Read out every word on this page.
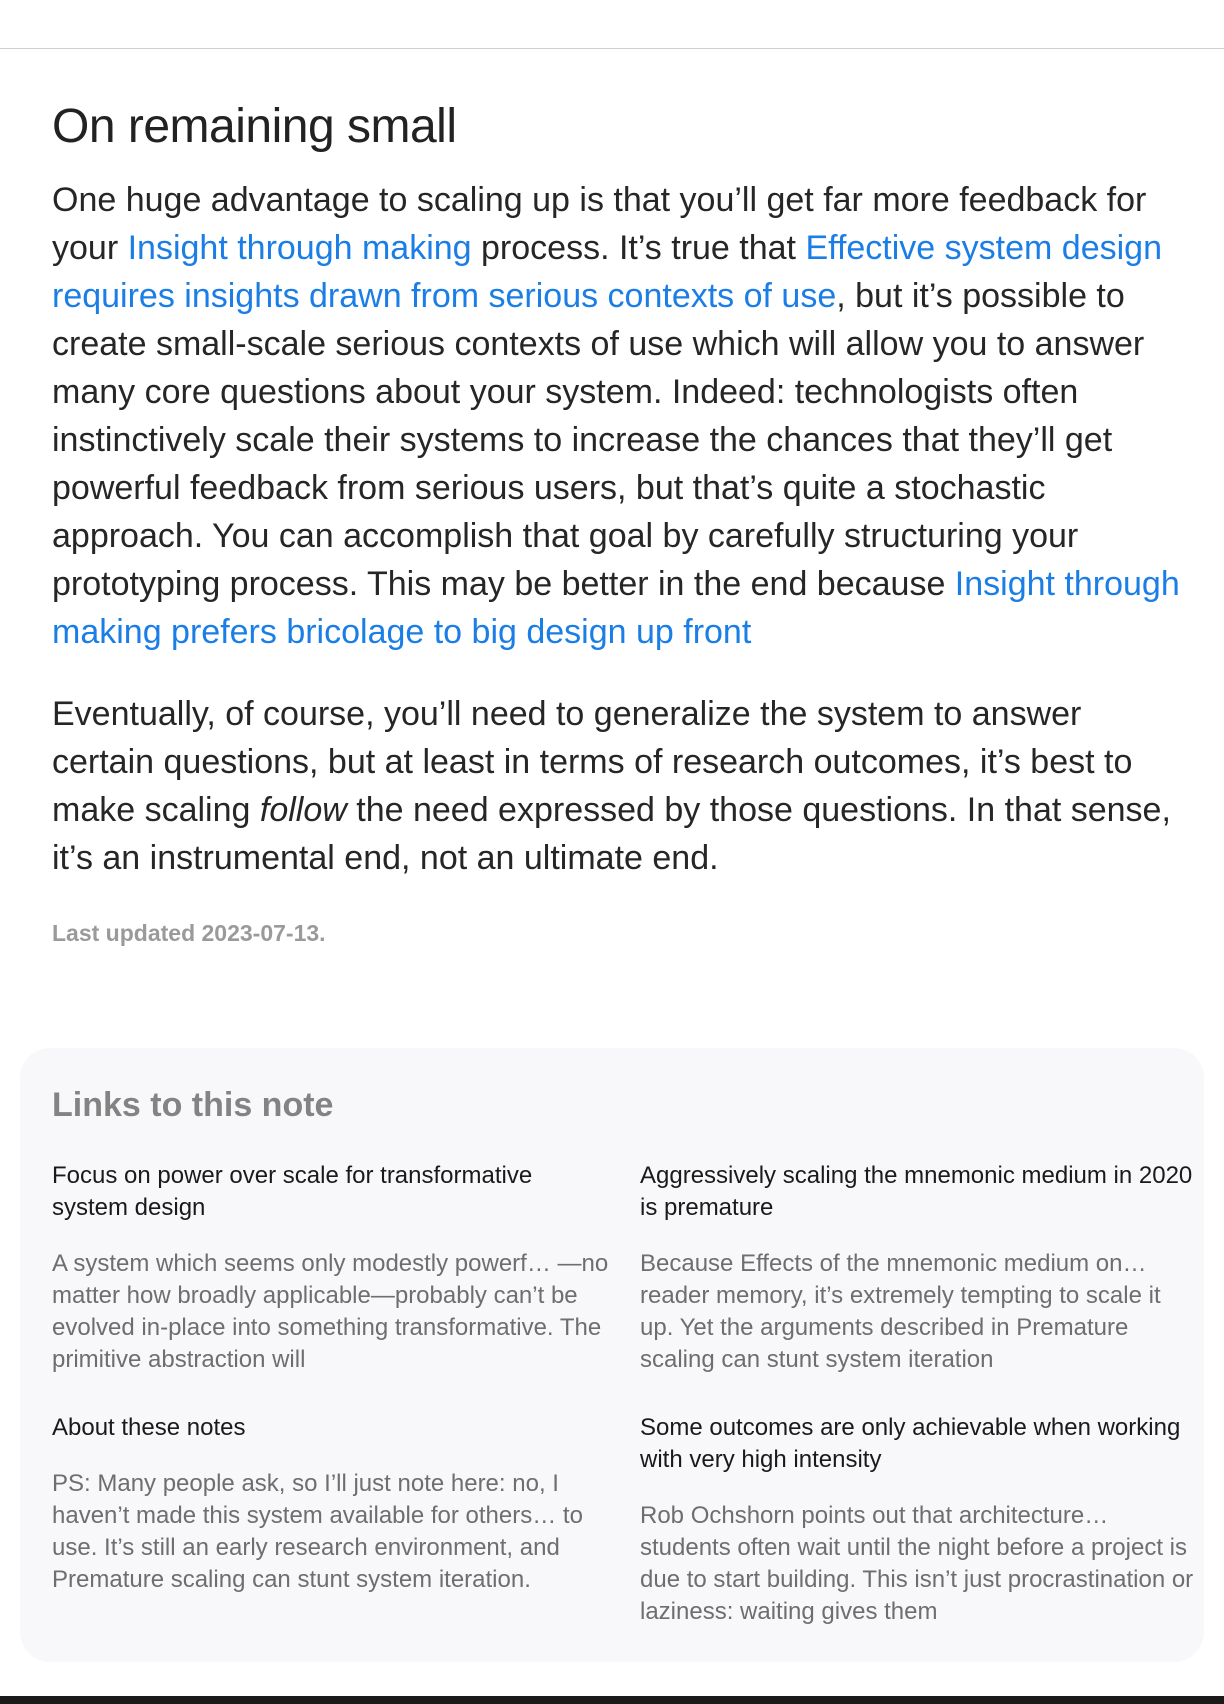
On remaining small

One huge advantage to scaling up is that you’ll get far more feedback for your Insight through making process. It’s true that Effective system design requires insights drawn from serious contexts of use, but it’s possible to create small-scale serious contexts of use which will allow you to answer many core questions about your system. Indeed: technologists often instinctively scale their systems to increase the chances that they’ll get powerful feedback from serious users, but that’s quite a stochastic approach. You can accomplish that goal by carefully structuring your prototyping process. This may be better in the end because Insight through making prefers bricolage to big design up front

Eventually, of course, you’ll need to generalize the system to answer certain questions, but at least in terms of research outcomes, it’s best to make scaling follow the need expressed by those questions. In that sense, it’s an instrumental end, not an ultimate end.

Last updated 2023-07-13.
Links to this note
Focus on power over scale for transformative system design
A system which seems only modestly powerf… —no matter how broadly applicable—probably can’t be evolved in-place into something transformative. The primitive abstraction will
Aggressively scaling the mnemonic medium in 2020 is premature
Because Effects of the mnemonic medium on… reader memory, it’s extremely tempting to scale it up. Yet the arguments described in Premature scaling can stunt system iteration
About these notes
PS: Many people ask, so I’ll just note here: no, I haven’t made this system available for others… to use. It’s still an early research environment, and Premature scaling can stunt system iteration.
Some outcomes are only achievable when working with very high intensity
Rob Ochshorn points out that architecture… students often wait until the night before a project is due to start building. This isn’t just procrastination or laziness: waiting gives them
